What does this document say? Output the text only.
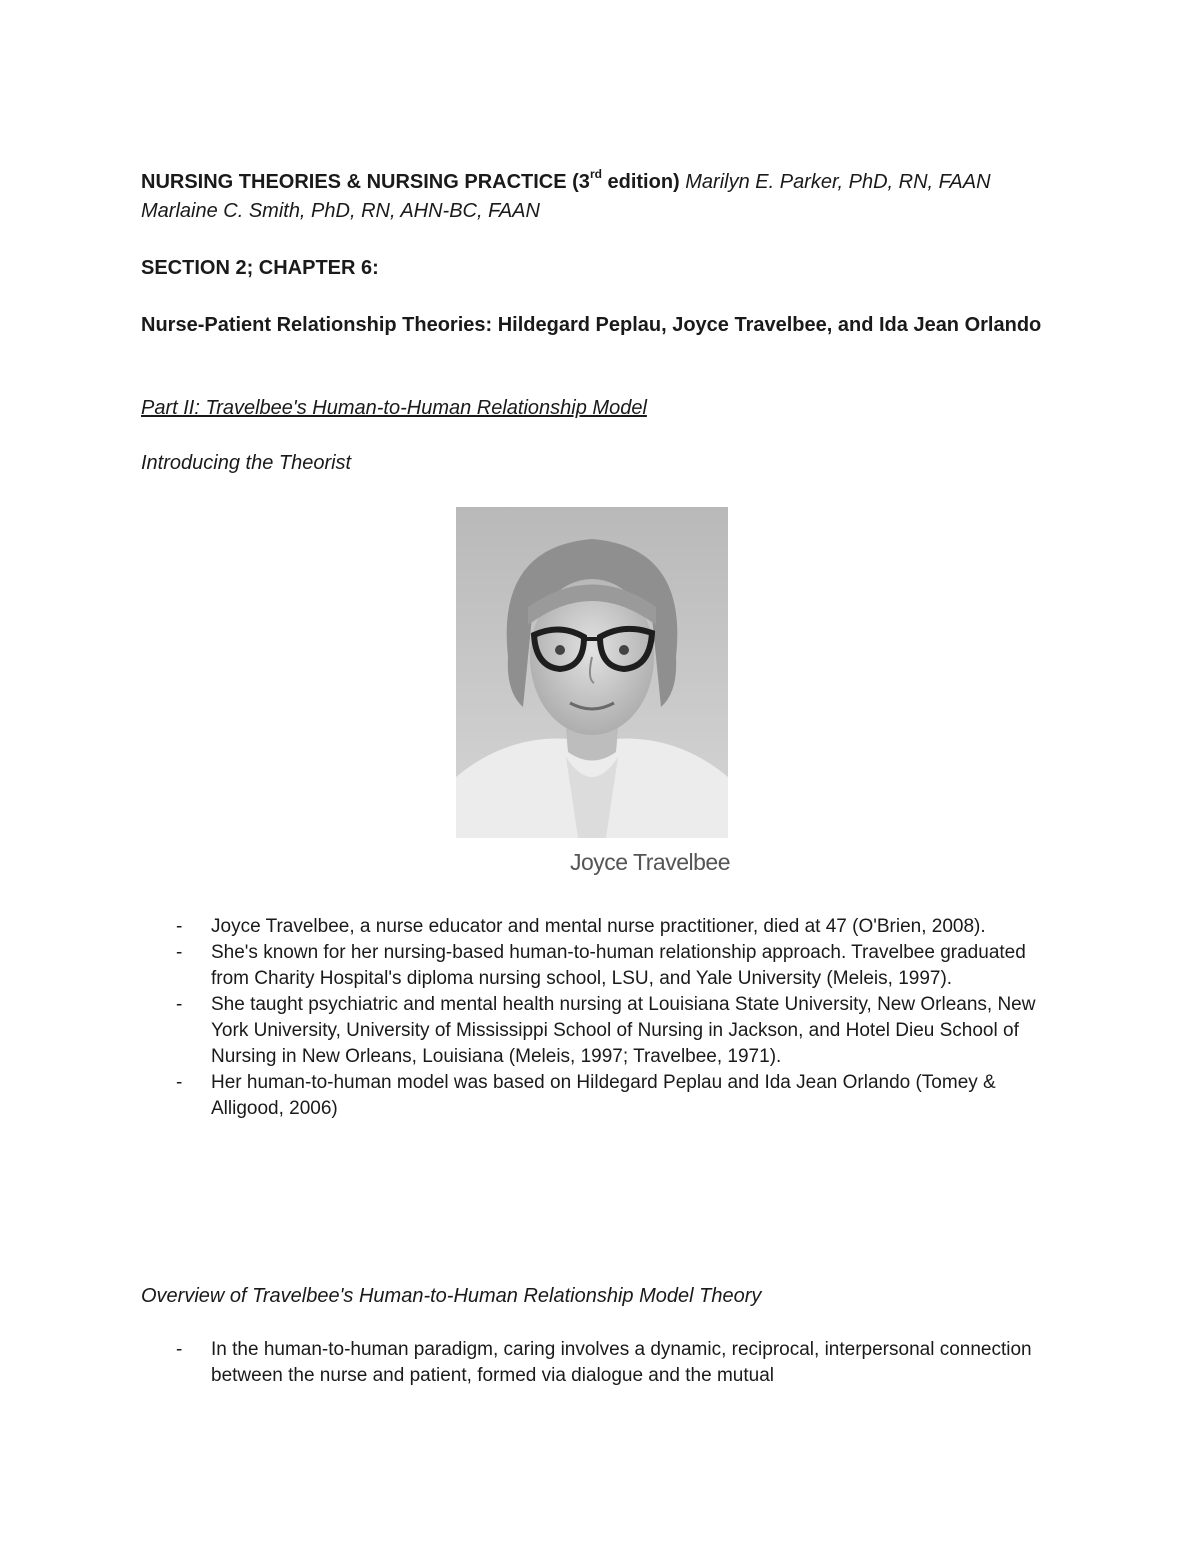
NURSING THEORIES & NURSING PRACTICE (3rd edition) Marilyn E. Parker, PhD, RN, FAAN Marlaine C. Smith, PhD, RN, AHN-BC, FAAN
SECTION 2; CHAPTER 6:
Nurse-Patient Relationship Theories: Hildegard Peplau, Joyce Travelbee, and Ida Jean Orlando
Part II: Travelbee's Human-to-Human Relationship Model
Introducing the Theorist
Joyce Travelbee
- Joyce Travelbee, a nurse educator and mental nurse practitioner, died at 47 (O'Brien, 2008).
- She's known for her nursing-based human-to-human relationship approach. Travelbee graduated from Charity Hospital's diploma nursing school, LSU, and Yale University (Meleis, 1997).
- She taught psychiatric and mental health nursing at Louisiana State University, New Orleans, New York University, University of Mississippi School of Nursing in Jackson, and Hotel Dieu School of Nursing in New Orleans, Louisiana (Meleis, 1997; Travelbee, 1971).
- Her human-to-human model was based on Hildegard Peplau and Ida Jean Orlando (Tomey & Alligood, 2006)
Overview of Travelbee's Human-to-Human Relationship Model Theory
- In the human-to-human paradigm, caring involves a dynamic, reciprocal, interpersonal connection between the nurse and patient, formed via dialogue and the mutual
